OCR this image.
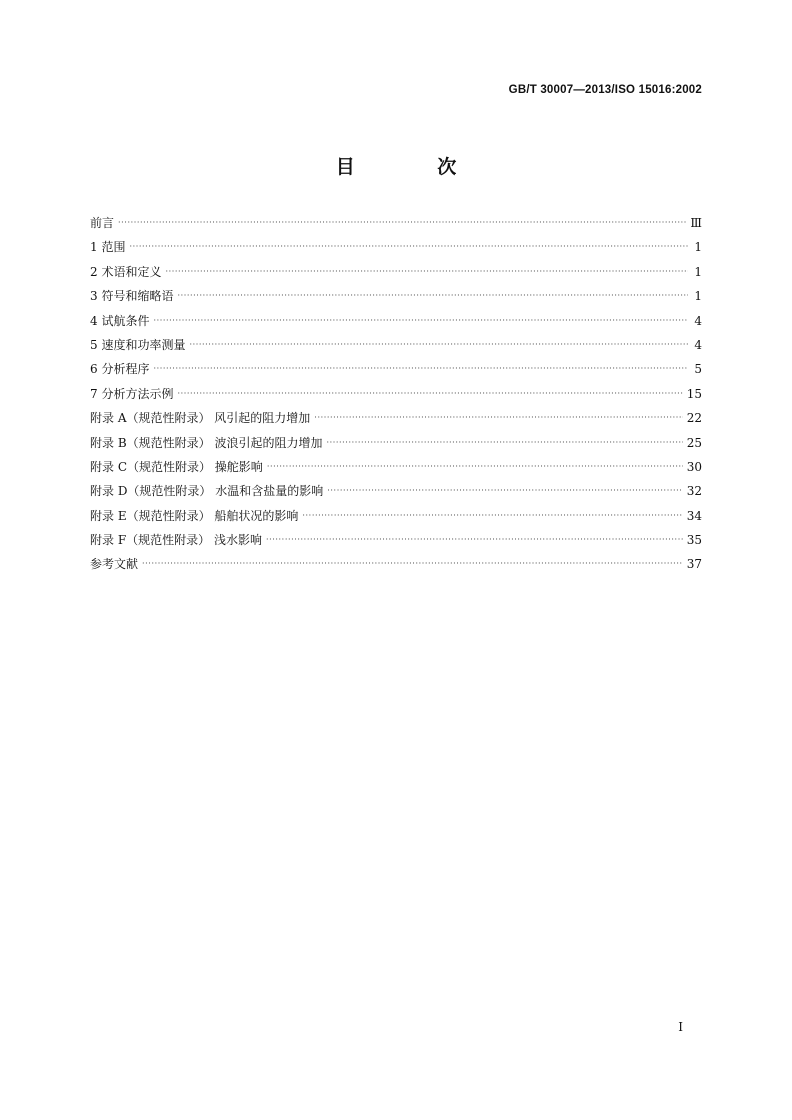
GB/T 30007—2013/ISO 15016:2002
目 次
前言 ·····	Ⅲ
1 范围 ·····	1
2 术语和定义 ·····	1
3 符号和缩略语 ·····	1
4 试航条件 ·····	4
5 速度和功率测量 ·····	4
6 分析程序 ·····	5
7 分析方法示例 ·····	15
附录 A（规范性附录） 风引起的阻力增加 ·····	22
附录 B（规范性附录） 波浪引起的阻力增加 ·····	25
附录 C（规范性附录） 操舵影响 ·····	30
附录 D（规范性附录） 水温和含盐量的影响 ·····	32
附录 E（规范性附录） 船舶状况的影响 ·····	34
附录 F（规范性附录） 浅水影响 ·····	35
参考文献 ·····	37
Ⅰ
